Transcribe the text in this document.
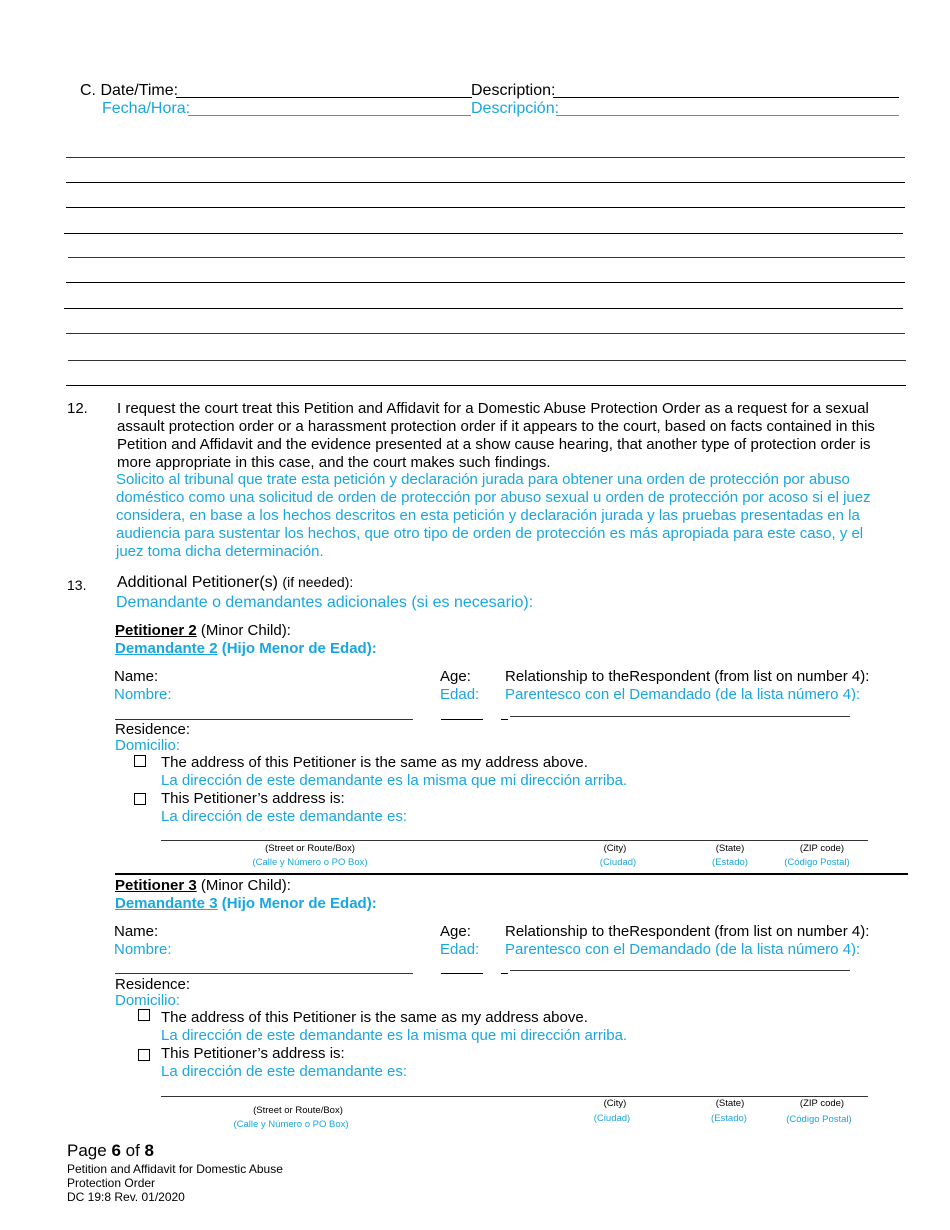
C. Date/Time:
Fecha/Hora:
Description:
Descripción:
12. I request the court treat this Petition and Affidavit for a Domestic Abuse Protection Order as a request for a sexual assault protection order or a harassment protection order if it appears to the court, based on facts contained in this Petition and Affidavit and the evidence presented at a show cause hearing, that another type of protection order is more appropriate in this case, and the court makes such findings.
Solicito al tribunal que trate esta petición y declaración jurada para obtener una orden de protección por abuso doméstico como una solicitud de orden de protección por abuso sexual u orden de protección por acoso si el juez considera, en base a los hechos descritos en esta petición y declaración jurada y las pruebas presentadas en la audiencia para sustentar los hechos, que otro tipo de orden de protección es más apropiada para este caso, y el juez toma dicha determinación.
13. Additional Petitioner(s) (if needed):
Demandante o demandantes adicionales (si es necesario):
Petitioner 2 (Minor Child):
Demandante 2 (Hijo Menor de Edad):
Name:
Nombre:
Age:
Edad:
Relationship to theRespondent (from list on number 4):
Parentesco con el Demandado (de la lista número 4):
Residence:
Domicilio:
The address of this Petitioner is the same as my address above.
La dirección de este demandante es la misma que mi dirección arriba.
This Petitioner’s address is:
La dirección de este demandante es:
(Street or Route/Box)
(Calle y Número o PO Box)
(City)
(Ciudad)
(State)
(Estado)
(ZIP code)
(Código Postal)
Petitioner 3 (Minor Child):
Demandante 3 (Hijo Menor de Edad):
Name:
Nombre:
Age:
Edad:
Relationship to theRespondent (from list on number 4):
Parentesco con el Demandado (de la lista número 4):
Residence:
Domicilio:
The address of this Petitioner is the same as my address above.
La dirección de este demandante es la misma que mi dirección arriba.
This Petitioner’s address is:
La dirección de este demandante es:
(Street or Route/Box)
(Calle y Número o PO Box)
(City)
(Ciudad)
(State)
(Estado)
(ZIP code)
(Código Postal)
Page 6 of 8
Petition and Affidavit for Domestic Abuse
Protection Order
DC 19:8 Rev. 01/2020
